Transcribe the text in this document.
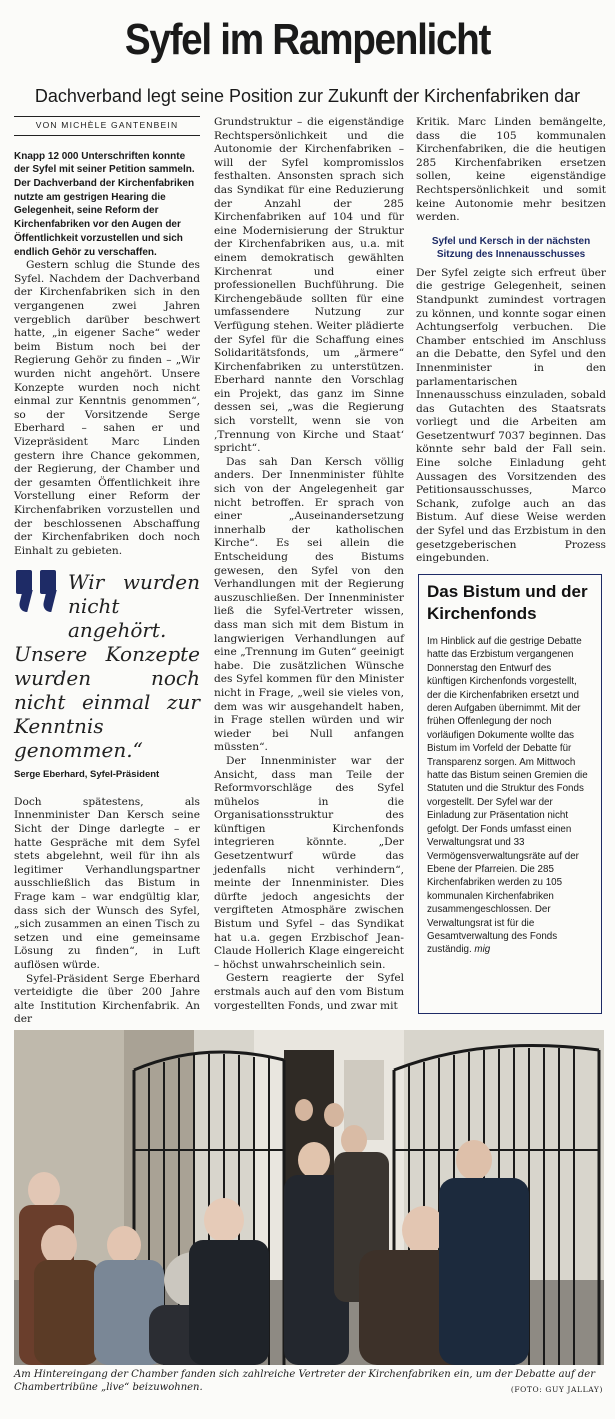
Syfel im Rampenlicht
Dachverband legt seine Position zur Zukunft der Kirchenfabriken dar
VON MICHÈLE GANTENBEIN

Knapp 12 000 Unterschriften konnte der Syfel mit seiner Petition sammeln. Der Dachverband der Kirchenfabriken nutzte am gestrigen Hearing die Gelegenheit, seine Reform der Kirchenfabriken vor den Augen der Öffentlichkeit vorzustellen und sich endlich Gehör zu verschaffen.

Gestern schlug die Stunde des Syfel. Nachdem der Dachverband der Kirchenfabriken sich in den vergangenen zwei Jahren vergeblich darüber beschwert hatte, „in eigener Sache“ weder beim Bistum noch bei der Regierung Gehör zu finden – „Wir wurden nicht angehört. Unsere Konzepte wurden noch nicht einmal zur Kenntnis genommen“, so der Vorsitzende Serge Eberhard – sahen er und Vizepräsident Marc Linden gestern ihre Chance gekommen, der Regierung, der Chamber und der gesamten Öffentlichkeit ihre Vorstellung einer Reform der Kirchenfabriken vorzustellen und der beschlossenen Abschaffung der Kirchenfabriken doch noch Einhalt zu gebieten.

Wir wurden nicht angehört. Unsere Konzepte wurden noch nicht einmal zur Kenntnis genommen.“
Serge Eberhard, Syfel-Präsident

Doch spätestens, als Innenminister Dan Kersch seine Sicht der Dinge darlegte – er hatte Gespräche mit dem Syfel stets abgelehnt, weil für ihn als legitimer Verhandlungspartner ausschließlich das Bistum in Frage kam – war endgültig klar, dass sich der Wunsch des Syfel, „sich zusammen an einen Tisch zu setzen und eine gemeinsame Lösung zu finden“, in Luft auflösen würde.

Syfel-Präsident Serge Eberhard verteidigte die über 200 Jahre alte Institution Kirchenfabrik. An der

Grundstruktur – die eigenständige Rechtspersönlichkeit und die Autonomie der Kirchenfabriken – will der Syfel kompromisslos festhalten. Ansonsten sprach sich das Syndikat für eine Reduzierung der Anzahl der 285 Kirchenfabriken auf 104 und für eine Modernisierung der Struktur der Kirchenfabriken aus, u.a. mit einem demokratisch gewählten Kirchenrat und einer professionellen Buchführung. Die Kirchengebäude sollten für eine umfassendere Nutzung zur Verfügung stehen. Weiter plädierte der Syfel für die Schaffung eines Solidaritätsfonds, um „ärmere“ Kirchenfabriken zu unterstützen. Eberhard nannte den Vorschlag ein Projekt, das ganz im Sinne dessen sei, „was die Regierung sich vorstellt, wenn sie von ‚Trennung von Kirche und Staat‘ spricht“.

Das sah Dan Kersch völlig anders. Der Innenminister fühlte sich von der Angelegenheit gar nicht betroffen. Er sprach von einer „Auseinandersetzung innerhalb der katholischen Kirche“. Es sei allein die Entscheidung des Bistums gewesen, den Syfel von den Verhandlungen mit der Regierung auszuschließen. Der Innenminister ließ die Syfel-Vertreter wissen, dass man sich mit dem Bistum in langwierigen Verhandlungen auf eine „Trennung im Guten“ geeinigt habe. Die zusätzlichen Wünsche des Syfel kommen für den Minister nicht in Frage, „weil sie vieles von, dem was wir ausgehandelt haben, in Frage stellen würden und wir wieder bei Null anfangen müssten“.

Der Innenminister war der Ansicht, dass man Teile der Reformvorschläge des Syfel mühelos in die Organisationsstruktur des künftigen Kirchenfonds integrieren könnte. „Der Gesetzentwurf würde das jedenfalls nicht verhindern“, meinte der Innenminister. Dies dürfte jedoch angesichts der vergifteten Atmosphäre zwischen Bistum und Syfel – das Syndikat hat u.a. gegen Erzbischof Jean-Claude Hollerich Klage eingereicht – höchst unwahrscheinlich sein.

Gestern reagierte der Syfel erstmals auch auf den vom Bistum vorgestellten Fonds, und zwar mit

Kritik. Marc Linden bemängelte, dass die 105 kommunalen Kirchenfabriken, die die heutigen 285 Kirchenfabriken ersetzen sollen, keine eigenständige Rechtspersönlichkeit und somit keine Autonomie mehr besitzen werden.

Syfel und Kersch in der nächsten Sitzung des Innenausschusses

Der Syfel zeigte sich erfreut über die gestrige Gelegenheit, seinen Standpunkt zumindest vortragen zu können, und konnte sogar einen Achtungserfolg verbuchen. Die Chamber entschied im Anschluss an die Debatte, den Syfel und den Innenminister in den parlamentarischen Innenausschuss einzuladen, sobald das Gutachten des Staatsrats vorliegt und die Arbeiten am Gesetzentwurf 7037 beginnen. Das könnte sehr bald der Fall sein. Eine solche Einladung geht Aussagen des Vorsitzenden des Petitionsausschusses, Marco Schank, zufolge auch an das Bistum. Auf diese Weise werden der Syfel und das Erzbistum in den gesetzgeberischen Prozess eingebunden.

Das Bistum und der Kirchenfonds

Im Hinblick auf die gestrige Debatte hatte das Erzbistum vergangenen Donnerstag den Entwurf des künftigen Kirchenfonds vorgestellt, der die Kirchenfabriken ersetzt und deren Aufgaben übernimmt. Mit der frühen Offenlegung der noch vorläufigen Dokumente wollte das Bistum im Vorfeld der Debatte für Transparenz sorgen. Am Mittwoch hatte das Bistum seinen Gremien die Statuten und die Struktur des Fonds vorgestellt. Der Syfel war der Einladung zur Präsentation nicht gefolgt. Der Fonds umfasst einen Verwaltungsrat und 33 Vermögensverwaltungsräte auf der Ebene der Pfarreien. Die 285 Kirchenfabriken werden zu 105 kommunalen Kirchenfabriken zusammengeschlossen. Der Verwaltungsrat ist für die Gesamtverwaltung des Fonds zuständig. mig

Am Hintereingang der Chamber fanden sich zahlreiche Vertreter der Kirchenfabriken ein, um der Debatte auf der Chambertribüne „live“ beizuwohnen.	(FOTO: GUY JALLAY)
